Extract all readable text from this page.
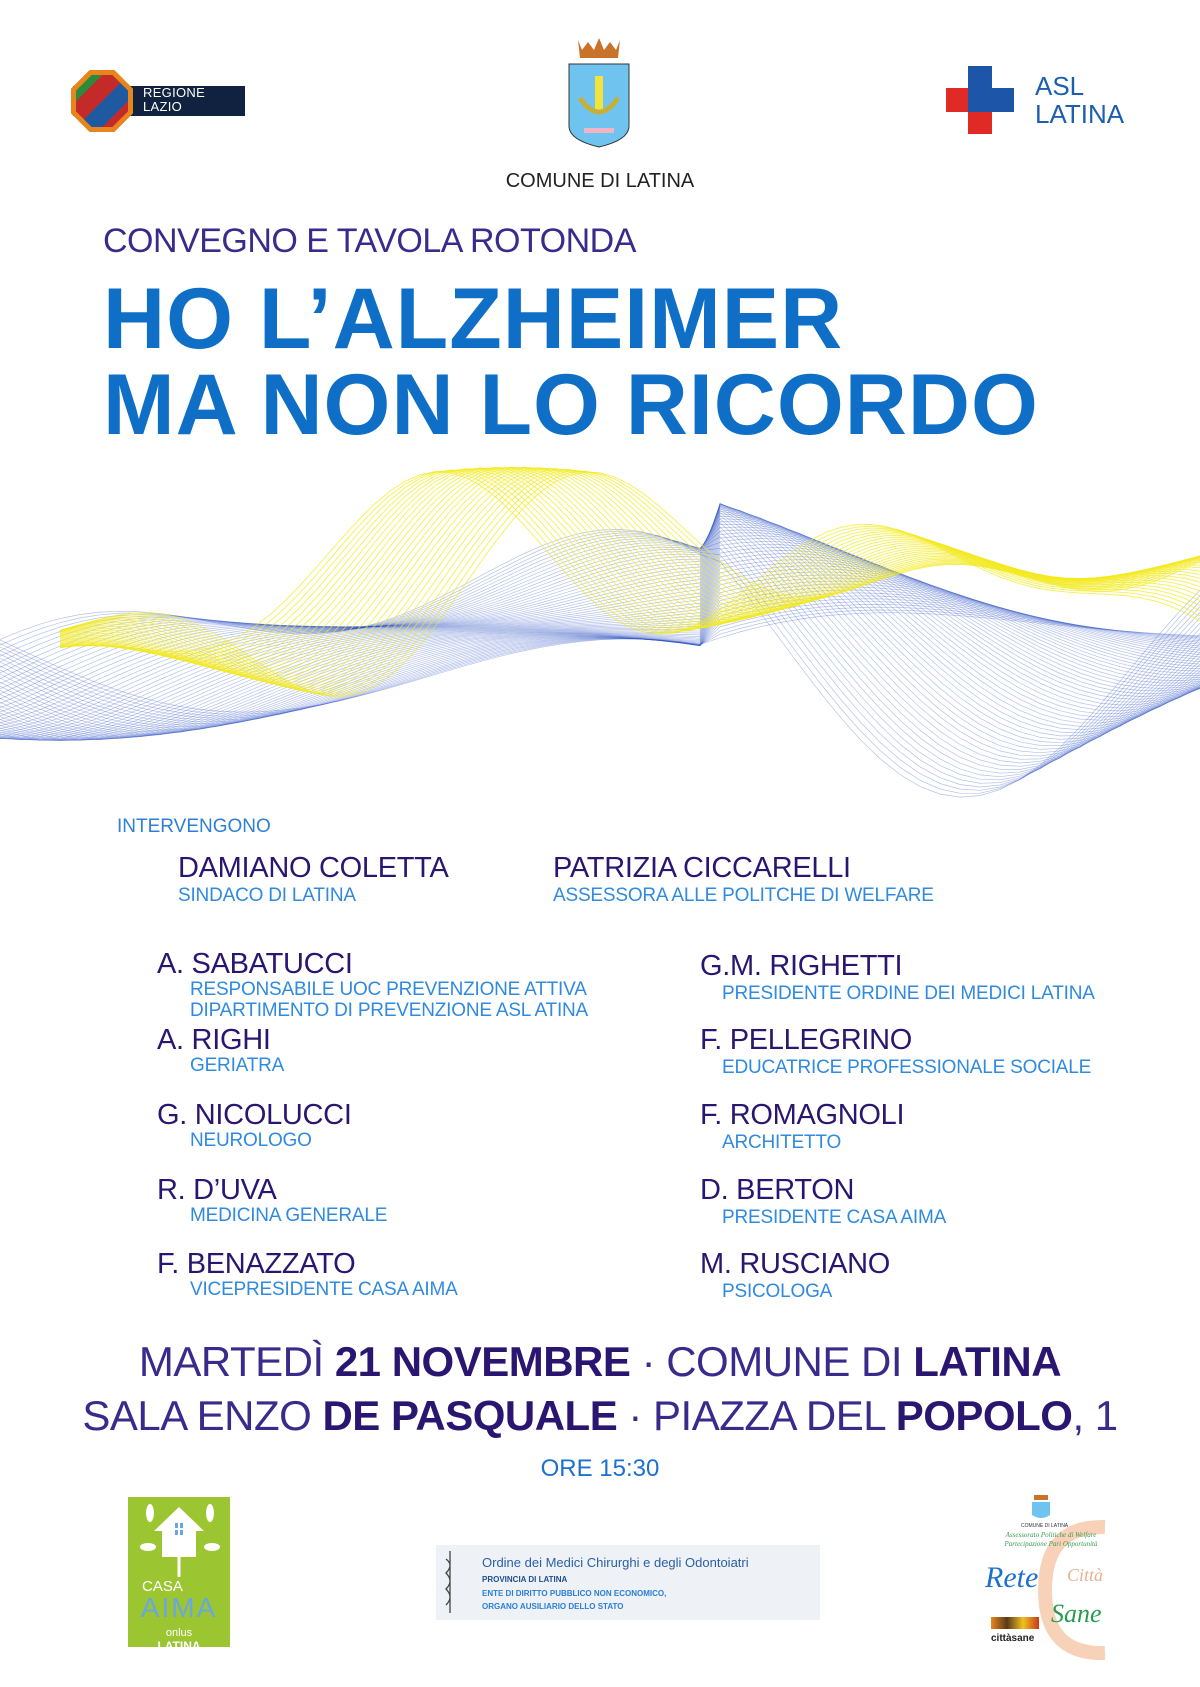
REGIONE
LAZIO
COMUNE DI LATINA
ASL
LATINA
CONVEGNO E TAVOLA ROTONDA
HO L’ALZHEIMER
MA NON LO RICORDO
INTERVENGONO
DAMIANO COLETTA
SINDACO DI LATINA
PATRIZIA CICCARELLI
ASSESSORA ALLE POLITCHE DI WELFARE
A. SABATUCCI
RESPONSABILE UOC PREVENZIONE ATTIVA
DIPARTIMENTO DI PREVENZIONE ASL ATINA
A. RIGHI
GERIATRA
G. NICOLUCCI
NEUROLOGO
R. D’UVA
MEDICINA GENERALE
F. BENAZZATO
VICEPRESIDENTE CASA AIMA
G.M. RIGHETTI
PRESIDENTE ORDINE DEI MEDICI LATINA
F. PELLEGRINO
EDUCATRICE PROFESSIONALE SOCIALE
F. ROMAGNOLI
ARCHITETTO
D. BERTON
PRESIDENTE CASA AIMA
M. RUSCIANO
PSICOLOGA
MARTEDÌ 21 NOVEMBRE · COMUNE DI LATINA
SALA ENZO DE PASQUALE · PIAZZA DEL POPOLO, 1
ORE 15:30
CASA
AIMA
onlus
LATINA
Ordine dei Medici Chirurghi e degli Odontoiatri
PROVINCIA DI LATINA
ENTE DI DIRITTO PUBBLICO NON ECONOMICO,
ORGANO AUSILIARIO DELLO STATO
COMUNE DI LATINA
Assessorato Politiche di Welfare Partecipazione Pari Opportunità
Rete Città
Sane
cittàsane
